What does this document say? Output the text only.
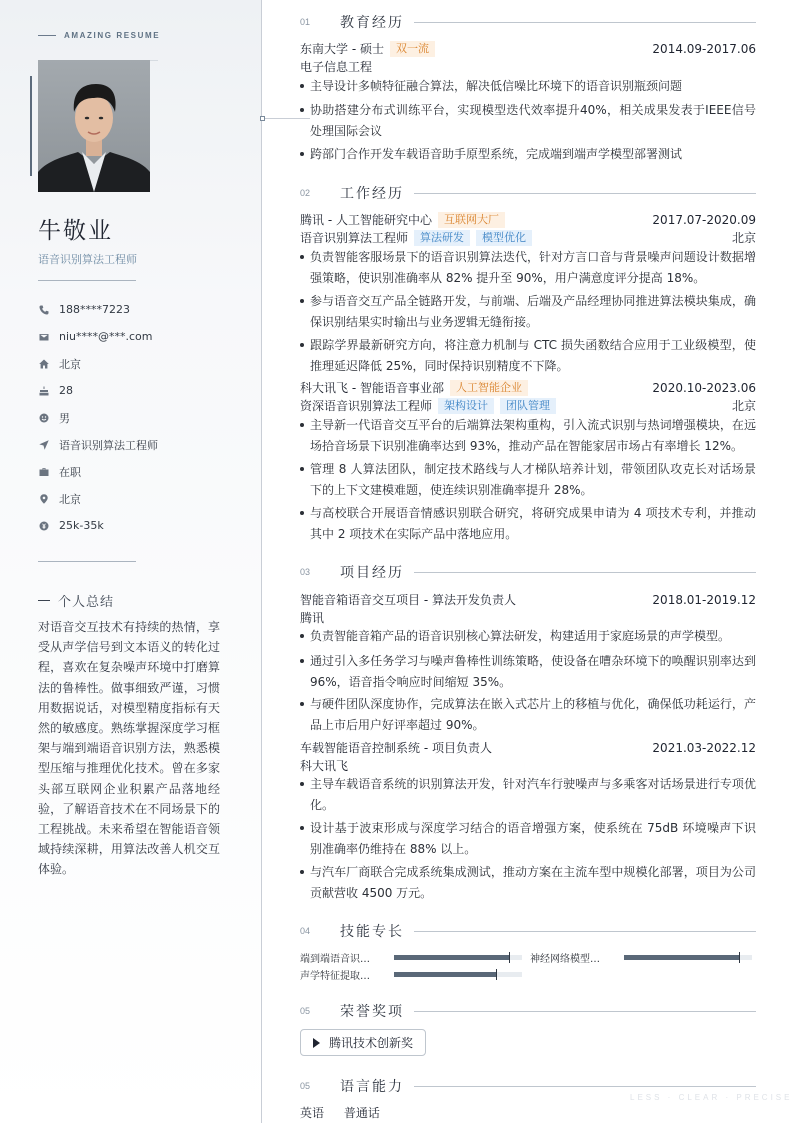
AMAZING RESUME
牛敬业
语音识别算法工程师
188****7223
niu****@***.com
北京
28
男
语音识别算法工程师
在职
北京
25k-35k
个人总结
对语音交互技术有持续的热情，享受从声学信号到文本语义的转化过程，喜欢在复杂噪声环境中打磨算法的鲁棒性。做事细致严谨，习惯用数据说话，对模型精度指标有天然的敏感度。熟练掌握深度学习框架与端到端语音识别方法，熟悉模型压缩与推理优化技术。曾在多家头部互联网企业积累产品落地经验，了解语音技术在不同场景下的工程挑战。未来希望在智能语音领域持续深耕，用算法改善人机交互体验。
01	教育经历
东南大学 - 硕士	双一流	2014.09-2017.06
电子信息工程
主导设计多帧特征融合算法，解决低信噪比环境下的语音识别瓶颈问题
协助搭建分布式训练平台，实现模型迭代效率提升40%，相关成果发表于IEEE信号处理国际会议
跨部门合作开发车载语音助手原型系统，完成端到端声学模型部署测试
02	工作经历
腾讯 - 人工智能研究中心	互联网大厂	2017.07-2020.09
语音识别算法工程师	算法研发	模型优化	北京
负责智能客服场景下的语音识别算法迭代，针对方言口音与背景噪声问题设计数据增强策略，使识别准确率从 82% 提升至 90%，用户满意度评分提高 18%。
参与语音交互产品全链路开发，与前端、后端及产品经理协同推进算法模块集成，确保识别结果实时输出与业务逻辑无缝衔接。
跟踪学界最新研究方向，将注意力机制与 CTC 损失函数结合应用于工业级模型，使推理延迟降低 25%，同时保持识别精度不下降。
科大讯飞 - 智能语音事业部	人工智能企业	2020.10-2023.06
资深语音识别算法工程师	架构设计	团队管理	北京
主导新一代语音交互平台的后端算法架构重构，引入流式识别与热词增强模块，在远场拾音场景下识别准确率达到 93%，推动产品在智能家居市场占有率增长 12%。
管理 8 人算法团队，制定技术路线与人才梯队培养计划，带领团队攻克长对话场景下的上下文建模难题，使连续识别准确率提升 28%。
与高校联合开展语音情感识别联合研究，将研究成果申请为 4 项技术专利，并推动其中 2 项技术在实际产品中落地应用。
03	项目经历
智能音箱语音交互项目 - 算法开发负责人	2018.01-2019.12
腾讯
负责智能音箱产品的语音识别核心算法研发，构建适用于家庭场景的声学模型。
通过引入多任务学习与噪声鲁棒性训练策略，使设备在嘈杂环境下的唤醒识别率达到 96%，语音指令响应时间缩短 35%。
与硬件团队深度协作，完成算法在嵌入式芯片上的移植与优化，确保低功耗运行，产品上市后用户好评率超过 90%。
车载智能语音控制系统 - 项目负责人	2021.03-2022.12
科大讯飞
主导车载语音系统的识别算法开发，针对汽车行驶噪声与多乘客对话场景进行专项优化。
设计基于波束形成与深度学习结合的语音增强方案，使系统在 75dB 环境噪声下识别准确率仍维持在 88% 以上。
与汽车厂商联合完成系统集成测试，推动方案在主流车型中规模化部署，项目为公司贡献营收 4500 万元。
04	技能专长
端到端语音识…	神经网络模型…
声学特征提取…
05	荣誉奖项
腾讯技术创新奖
05	语言能力
英语 普通话
LESS · CLEAR · PRECISE
